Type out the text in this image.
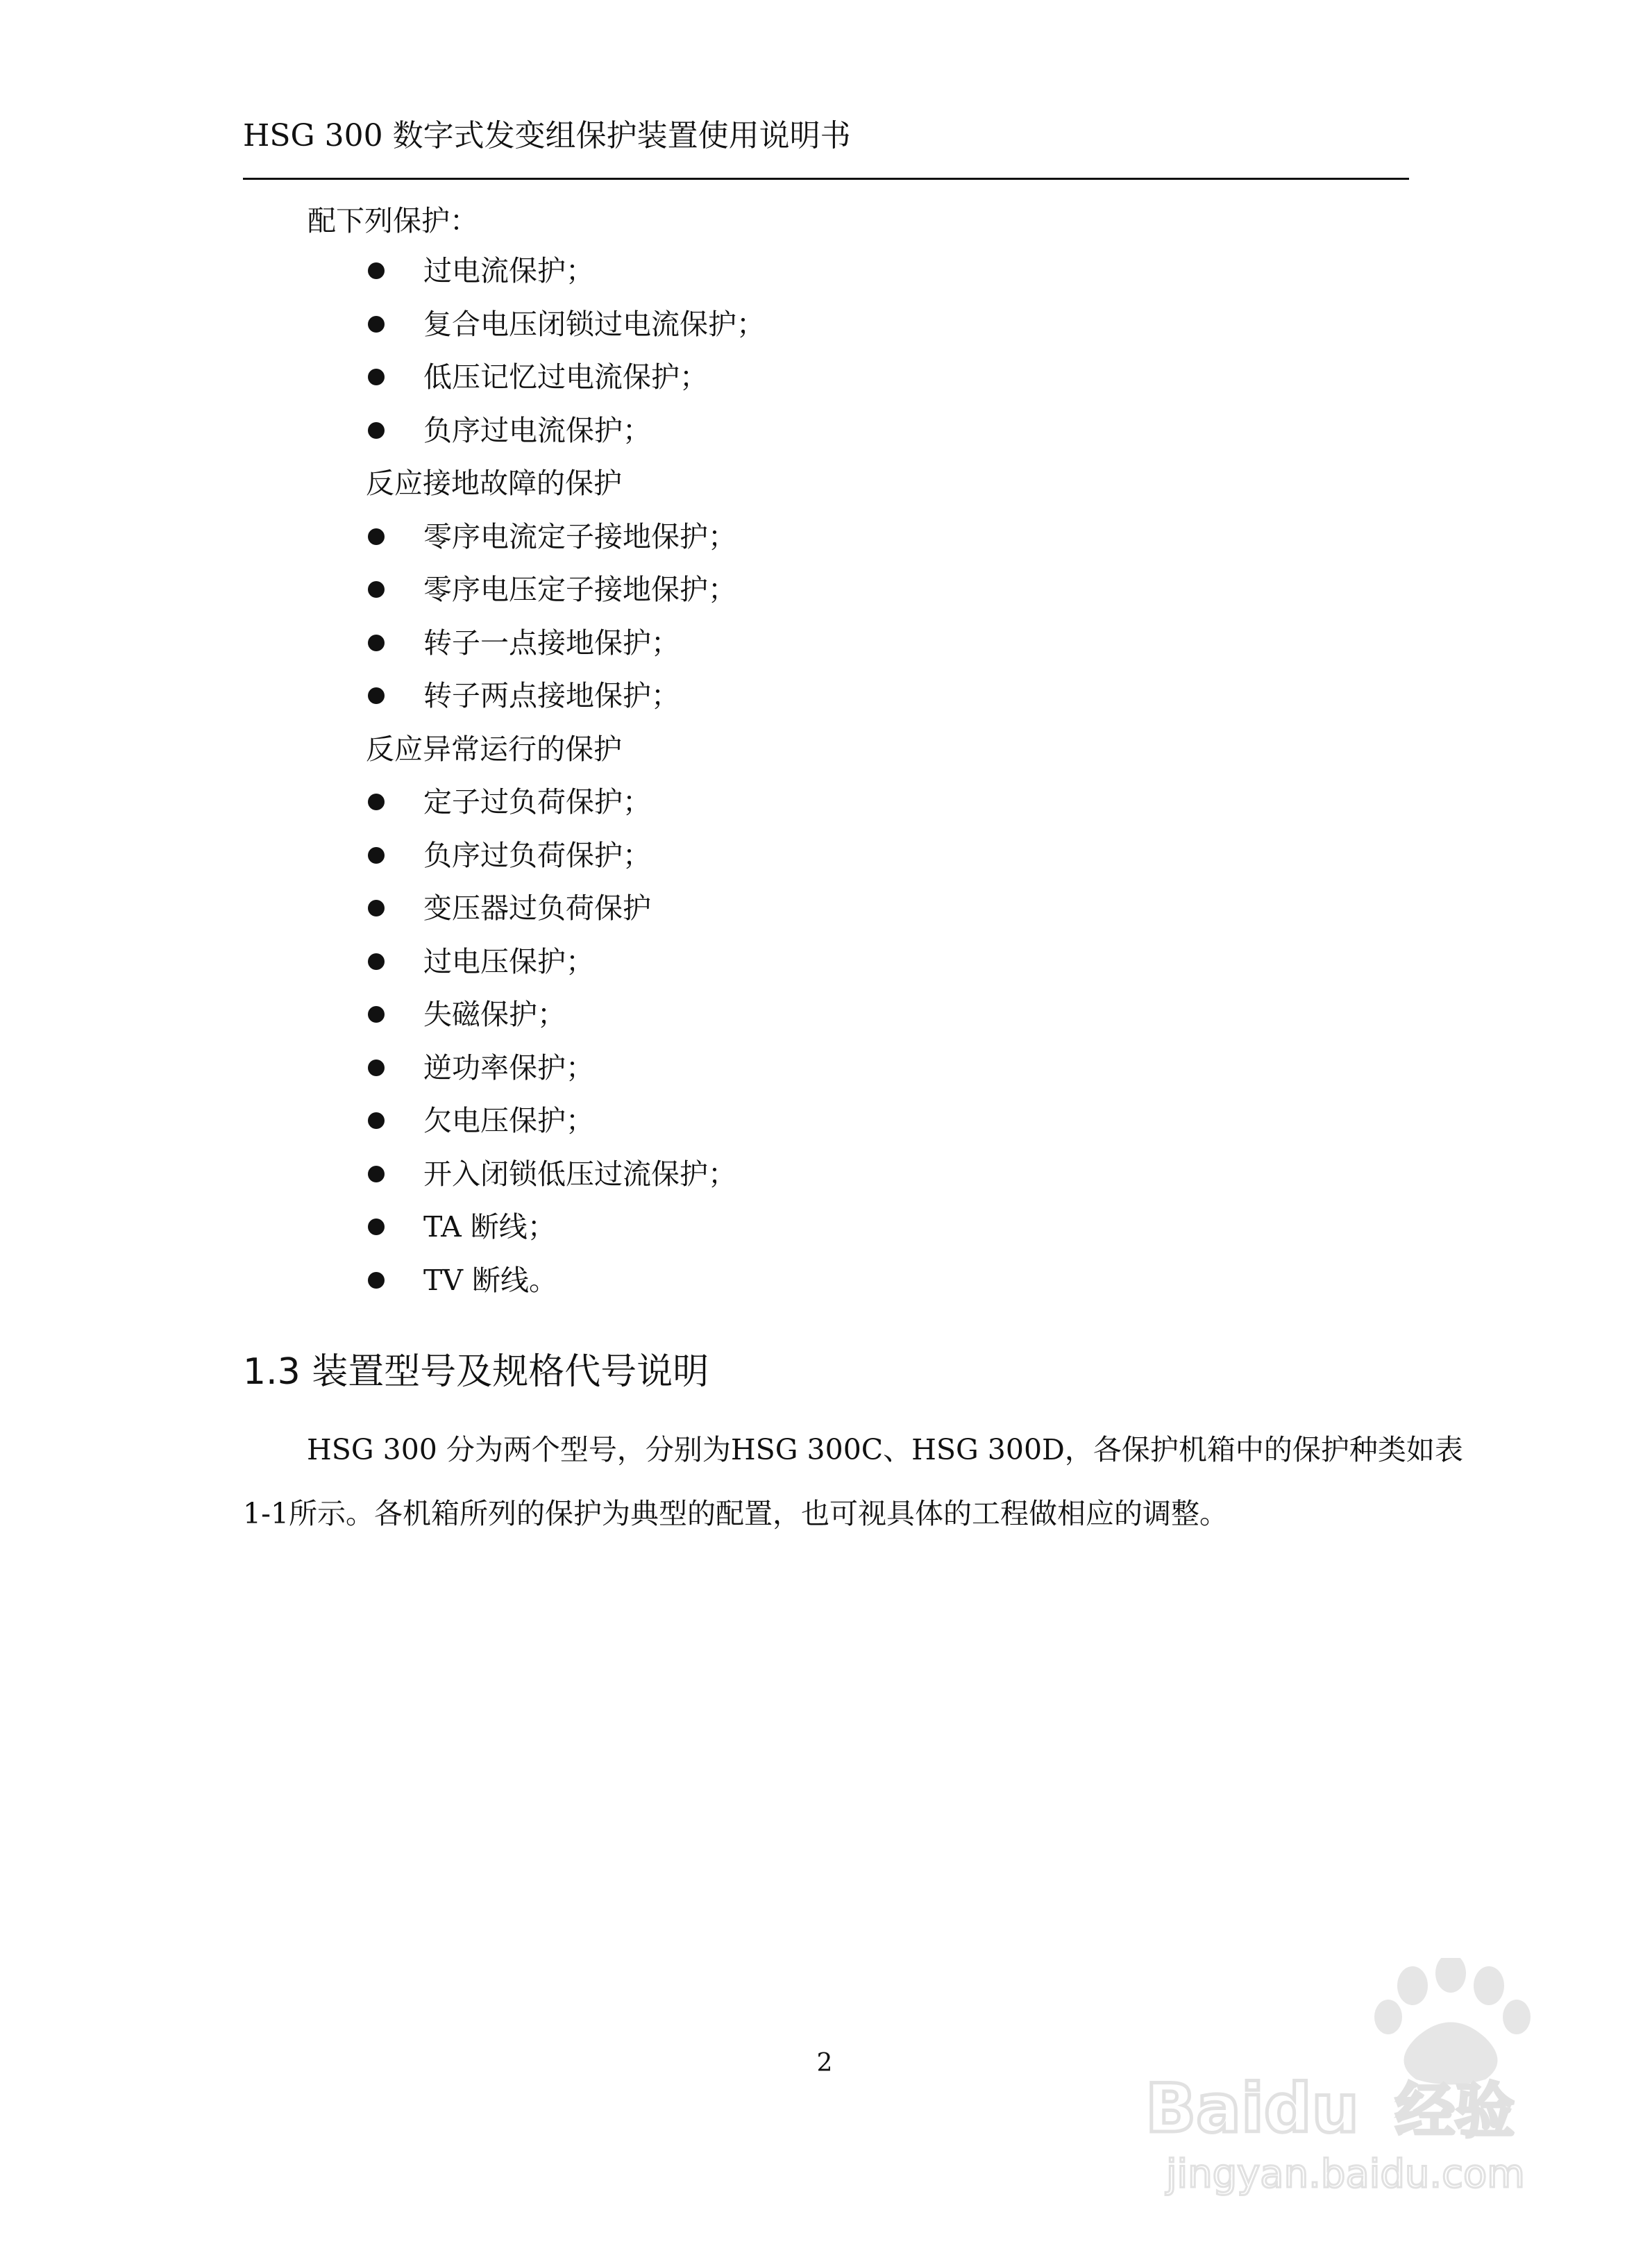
HSG 300 数字式发变组保护装置使用说明书
配下列保护：
过电流保护；
复合电压闭锁过电流保护；
低压记忆过电流保护；
负序过电流保护；
反应接地故障的保护
零序电流定子接地保护；
零序电压定子接地保护；
转子一点接地保护；
转子两点接地保护；
反应异常运行的保护
定子过负荷保护；
负序过负荷保护；
变压器过负荷保护
过电压保护；
失磁保护；
逆功率保护；
欠电压保护；
开入闭锁低压过流保护；
TA 断线；
TV 断线。
1.3 装置型号及规格代号说明
HSG 300 分为两个型号，分别为HSG 300C、HSG 300D，各保护机箱中的保护种类如表
1-1所示。各机箱所列的保护为典型的配置，也可视具体的工程做相应的调整。
2
Baidu 经验
jingyan.baidu.com
